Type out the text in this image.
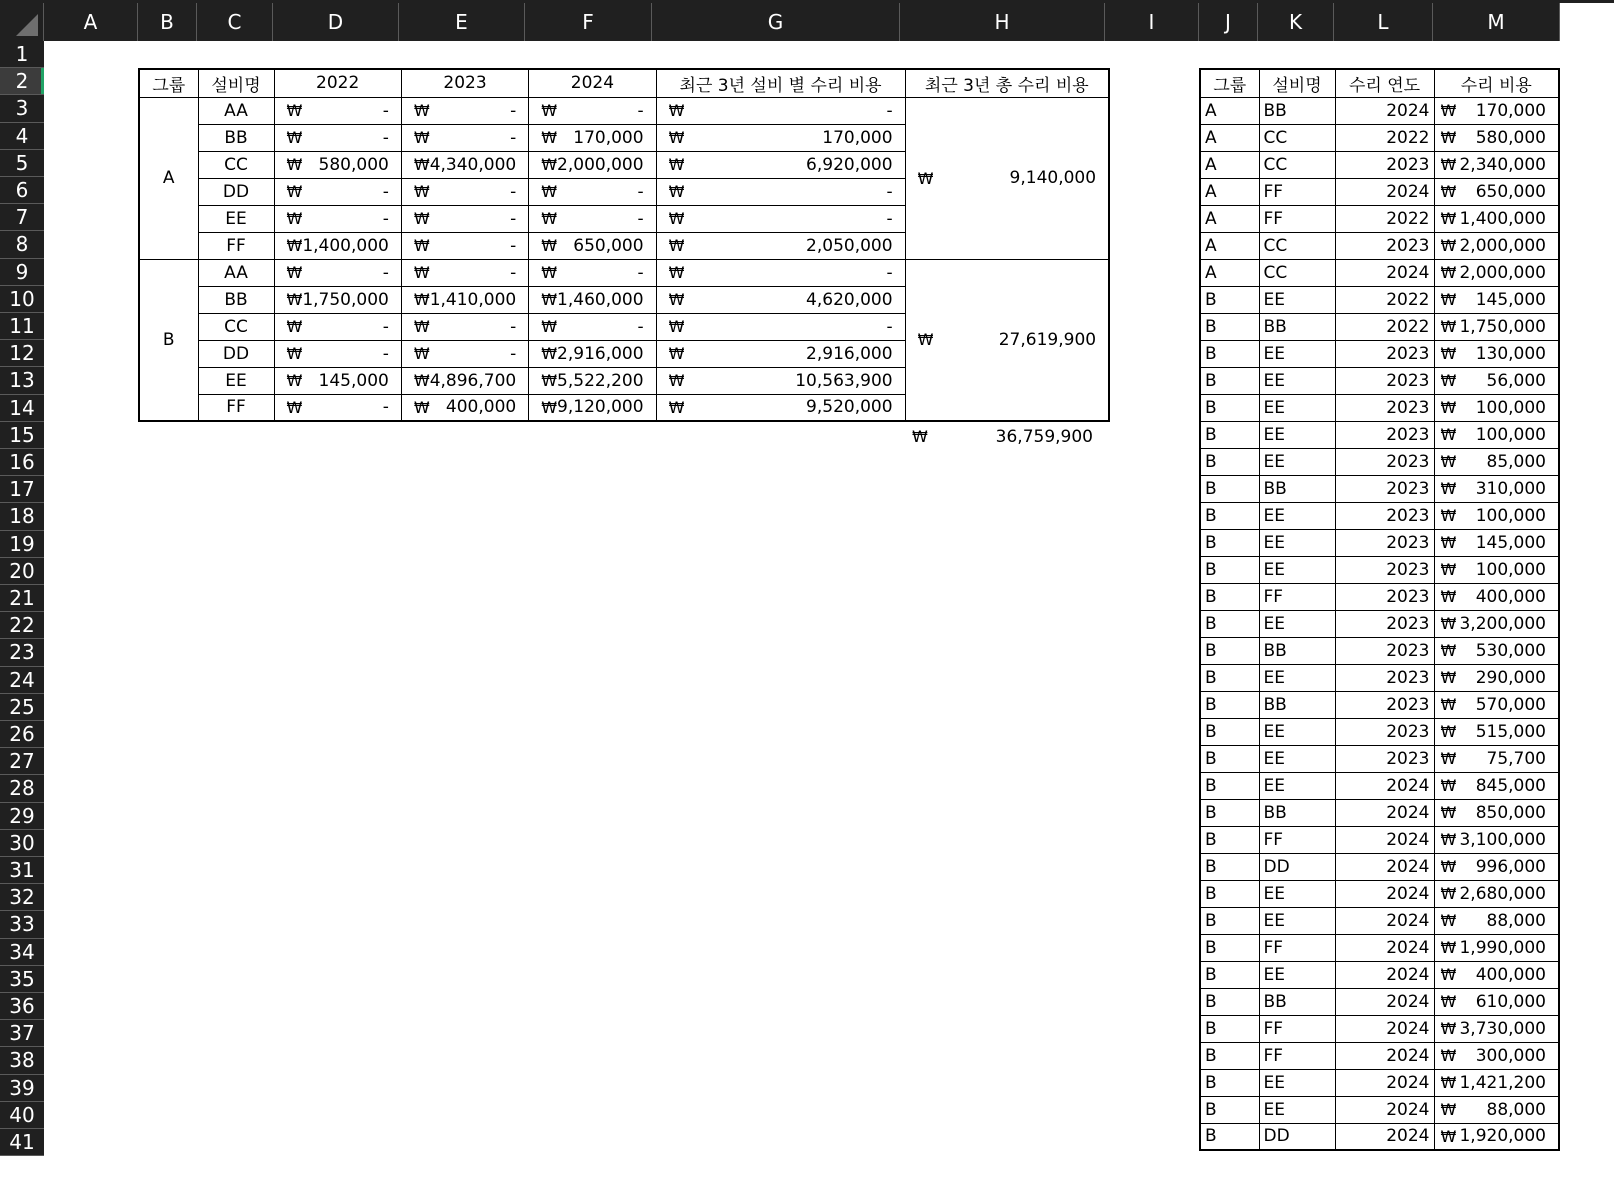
A	B	C	D	E	F	G	H	I	J	K	L	M
1
2
3
4
5
6
7
8
9
10
11
12
13
14
15
16
17
18
19
20
21
22
23
24
25
26
27
28
29
30
31
32
33
34
35
36
37
38
39
40
41
그룹	설비명	2022	2023	2024	최근 3년 설비 별 수리 비용	최근 3년 총 수리 비용
A	AA	₩ -	₩ -	₩ -	₩ -	₩ 9,140,000

	BB	₩ -	₩ -	₩ 170,000	₩ 170,000	

	CC	₩ 580,000	₩ 4,340,000	₩ 2,000,000	₩ 6,920,000	

	DD	₩ -	₩ -	₩ -	₩ -	

	EE	₩ -	₩ -	₩ -	₩ -	

	FF	₩ 1,400,000	₩ -	₩ 650,000	₩ 2,050,000	

B	AA	₩ -	₩ -	₩ -	₩ -	₩ 27,619,900

	BB	₩ 1,750,000	₩ 1,410,000	₩ 1,460,000	₩ 4,620,000	

	CC	₩ -	₩ -	₩ -	₩ -	

	DD	₩ -	₩ -	₩ 2,916,000	₩ 2,916,000	

	EE	₩ 145,000	₩ 4,896,700	₩ 5,522,200	₩ 10,563,900	

	FF	₩ -	₩ 400,000	₩ 9,120,000	₩ 9,520,000	
₩	36,759,900
그룹	설비명	수리 연도	수리 비용
A	BB	2024	₩ 170,000

A	CC	2022	₩ 580,000

A	CC	2023	₩ 2,340,000

A	FF	2024	₩ 650,000

A	FF	2022	₩ 1,400,000

A	CC	2023	₩ 2,000,000

A	CC	2024	₩ 2,000,000

B	EE	2022	₩ 145,000

B	BB	2022	₩ 1,750,000

B	EE	2023	₩ 130,000

B	EE	2023	₩ 56,000

B	EE	2023	₩ 100,000

B	EE	2023	₩ 100,000

B	EE	2023	₩ 85,000

B	BB	2023	₩ 310,000

B	EE	2023	₩ 100,000

B	EE	2023	₩ 145,000

B	EE	2023	₩ 100,000

B	FF	2023	₩ 400,000

B	EE	2023	₩ 3,200,000

B	BB	2023	₩ 530,000

B	EE	2023	₩ 290,000

B	BB	2023	₩ 570,000

B	EE	2023	₩ 515,000

B	EE	2023	₩ 75,700

B	EE	2024	₩ 845,000

B	BB	2024	₩ 850,000

B	FF	2024	₩ 3,100,000

B	DD	2024	₩ 996,000

B	EE	2024	₩ 2,680,000

B	EE	2024	₩ 88,000

B	FF	2024	₩ 1,990,000

B	EE	2024	₩ 400,000

B	BB	2024	₩ 610,000

B	FF	2024	₩ 3,730,000

B	FF	2024	₩ 300,000

B	EE	2024	₩ 1,421,200

B	EE	2024	₩ 88,000

B	DD	2024	₩ 1,920,000
